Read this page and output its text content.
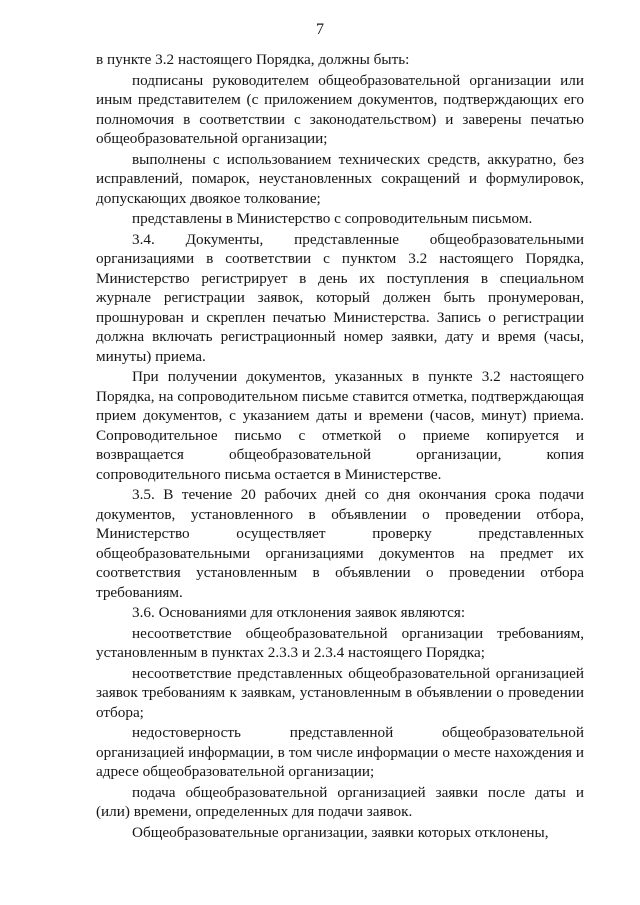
7

в пункте 3.2 настоящего Порядка, должны быть:

подписаны руководителем общеобразовательной организации или иным представителем (с приложением документов, подтверждающих его полномочия в соответствии с законодательством) и заверены печатью общеобразовательной организации;

выполнены с использованием технических средств, аккуратно, без исправлений, помарок, неустановленных сокращений и формулировок, допускающих двоякое толкование;

представлены в Министерство с сопроводительным письмом.

3.4. Документы, представленные общеобразовательными организациями в соответствии с пунктом 3.2 настоящего Порядка, Министерство регистрирует в день их поступления в специальном журнале регистрации заявок, который должен быть пронумерован, прошнурован и скреплен печатью Министерства. Запись о регистрации должна включать регистрационный номер заявки, дату и время (часы, минуты) приема.

При получении документов, указанных в пункте 3.2 настоящего Порядка, на сопроводительном письме ставится отметка, подтверждающая прием документов, с указанием даты и времени (часов, минут) приема. Сопроводительное письмо с отметкой о приеме копируется и возвращается общеобразовательной организации, копия сопроводительного письма остается в Министерстве.

3.5. В течение 20 рабочих дней со дня окончания срока подачи документов, установленного в объявлении о проведении отбора, Министерство осуществляет проверку представленных общеобразовательными организациями документов на предмет их соответствия установленным в объявлении о проведении отбора требованиям.

3.6. Основаниями для отклонения заявок являются:

несоответствие общеобразовательной организации требованиям, установленным в пунктах 2.3.3 и 2.3.4 настоящего Порядка;

несоответствие представленных общеобразовательной организацией заявок требованиям к заявкам, установленным в объявлении о проведении отбора;

недостоверность представленной общеобразовательной организацией информации, в том числе информации о месте нахождения и адресе общеобразовательной организации;

подача общеобразовательной организацией заявки после даты и (или) времени, определенных для подачи заявок.

Общеобразовательные организации, заявки которых отклонены,
